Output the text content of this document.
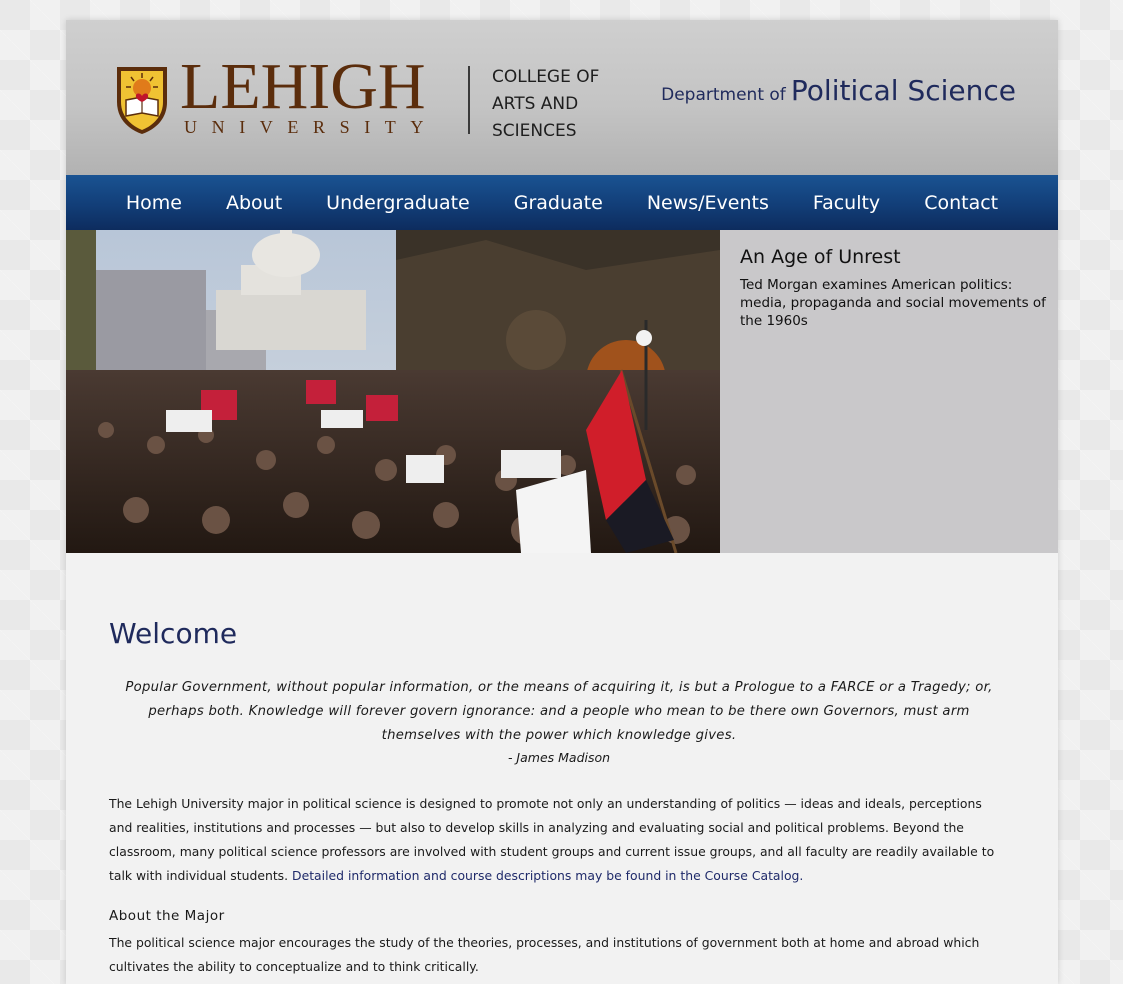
LEHIGH
UNIVERSITY
COLLEGE OF
ARTS AND
SCIENCES
Department of Political Science
Home About Undergraduate Graduate News/Events Faculty Contact
An Age of Unrest
Ted Morgan examines American politics: media, propaganda and social movements of the 1960s
Welcome
Popular Government, without popular information, or the means of acquiring it, is but a Prologue to a FARCE or a Tragedy; or, perhaps both. Knowledge will forever govern ignorance: and a people who mean to be there own Governors, must arm themselves with the power which knowledge gives.
- James Madison
The Lehigh University major in political science is designed to promote not only an understanding of politics — ideas and ideals, perceptions and realities, institutions and processes — but also to develop skills in analyzing and evaluating social and political problems. Beyond the classroom, many political science professors are involved with student groups and current issue groups, and all faculty are readily available to talk with individual students. Detailed information and course descriptions may be found in the Course Catalog.
About the Major
The political science major encourages the study of the theories, processes, and institutions of government both at home and abroad which cultivates the ability to conceptualize and to think critically.
